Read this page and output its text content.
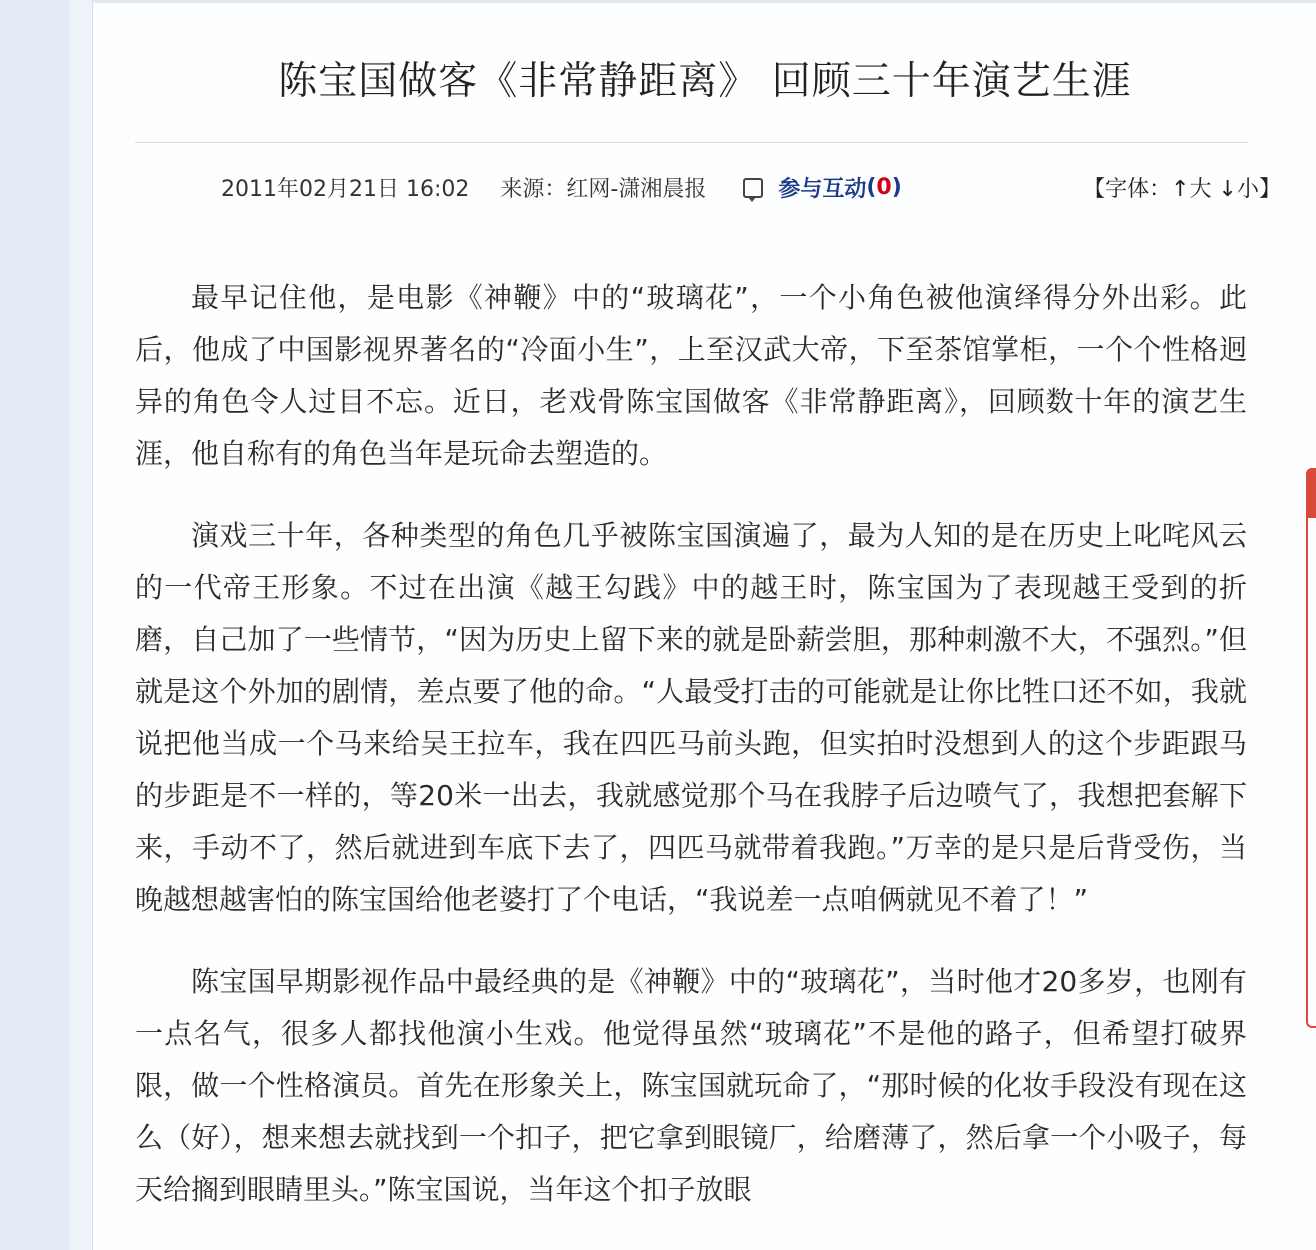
陈宝国做客《非常静距离》 回顾三十年演艺生涯
2011年02月21日 16:02 来源：红网-潇湘晨报	参与互动(0)	【字体：↑大 ↓小】

最早记住他，是电影《神鞭》中的“玻璃花”，一个小角色被他演绎得分外出彩。此后，他成了中国影视界著名的“冷面小生”，上至汉武大帝，下至茶馆掌柜，一个个性格迥异的角色令人过目不忘。近日，老戏骨陈宝国做客《非常静距离》，回顾数十年的演艺生涯，他自称有的角色当年是玩命去塑造的。

演戏三十年，各种类型的角色几乎被陈宝国演遍了，最为人知的是在历史上叱咤风云的一代帝王形象。不过在出演《越王勾践》中的越王时，陈宝国为了表现越王受到的折磨，自己加了一些情节，“因为历史上留下来的就是卧薪尝胆，那种刺激不大，不强烈。”但就是这个外加的剧情，差点要了他的命。“人最受打击的可能就是让你比牲口还不如，我就说把他当成一个马来给吴王拉车，我在四匹马前头跑，但实拍时没想到人的这个步距跟马的步距是不一样的，等20米一出去，我就感觉那个马在我脖子后边喷气了，我想把套解下来，手动不了，然后就进到车底下去了，四匹马就带着我跑。”万幸的是只是后背受伤，当晚越想越害怕的陈宝国给他老婆打了个电话，“我说差一点咱俩就见不着了！”

陈宝国早期影视作品中最经典的是《神鞭》中的“玻璃花”，当时他才20多岁，也刚有一点名气，很多人都找他演小生戏。他觉得虽然“玻璃花”不是他的路子，但希望打破界限，做一个性格演员。首先在形象关上，陈宝国就玩命了，“那时候的化妆手段没有现在这么（好），想来想去就找到一个扣子，把它拿到眼镜厂，给磨薄了，然后拿一个小吸子，每天给搁到眼睛里头。”陈宝国说，当年这个扣子放眼
